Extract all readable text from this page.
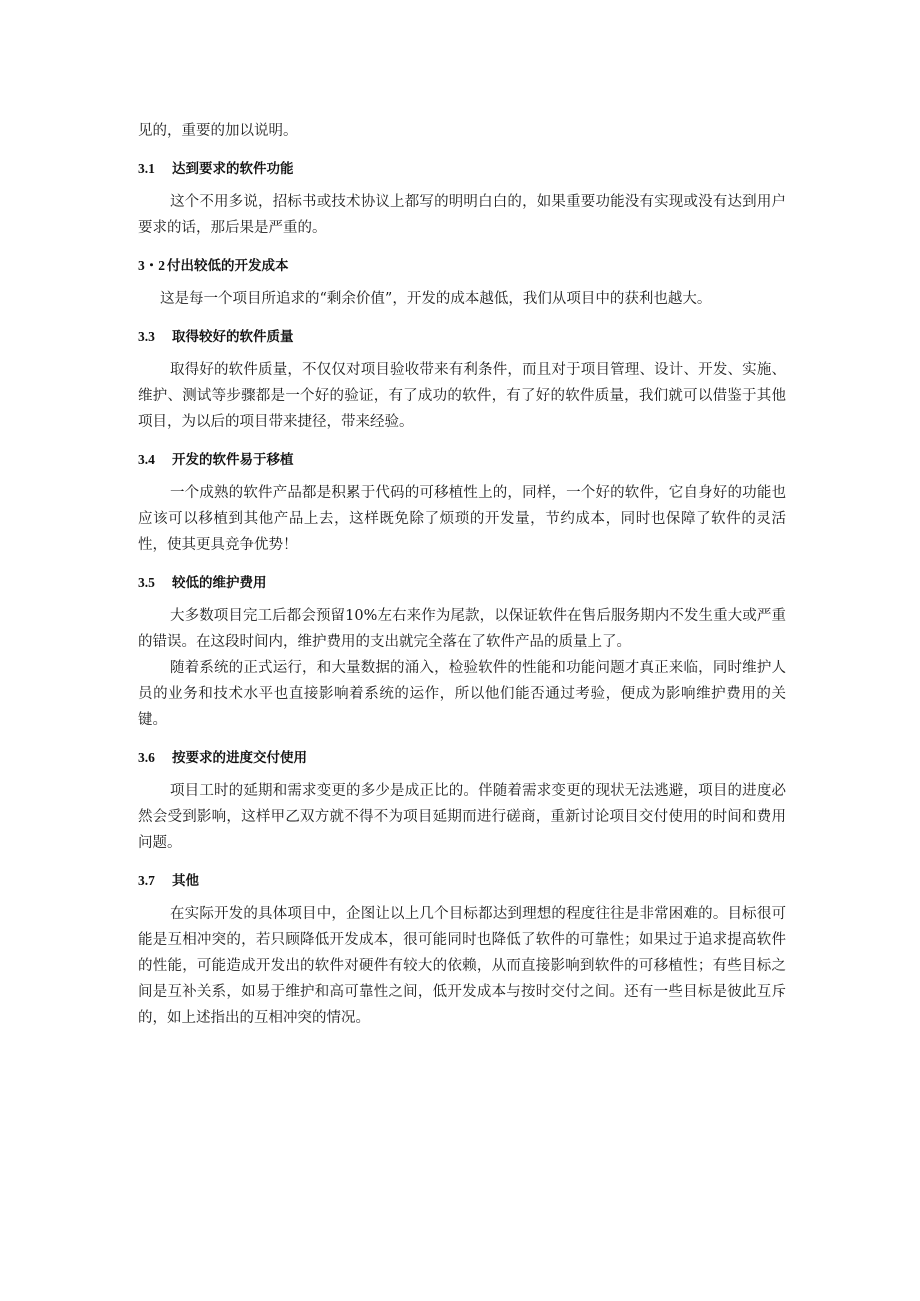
见的，重要的加以说明。

3.1 达到要求的软件功能

这个不用多说，招标书或技术协议上都写的明明白白的，如果重要功能没有实现或没有达到用户要求的话，那后果是严重的。

3・2 付出较低的开发成本

这是每一个项目所追求的“剩余价值”，开发的成本越低，我们从项目中的获利也越大。

3.3 取得较好的软件质量

取得好的软件质量，不仅仅对项目验收带来有利条件，而且对于项目管理、设计、开发、实施、维护、测试等步骤都是一个好的验证，有了成功的软件，有了好的软件质量，我们就可以借鉴于其他项目，为以后的项目带来捷径，带来经验。

3.4 开发的软件易于移植

一个成熟的软件产品都是积累于代码的可移植性上的，同样，一个好的软件，它自身好的功能也应该可以移植到其他产品上去，这样既免除了烦琐的开发量，节约成本，同时也保障了软件的灵活性，使其更具竞争优势！

3.5 较低的维护费用

大多数项目完工后都会预留10%左右来作为尾款，以保证软件在售后服务期内不发生重大或严重的错误。在这段时间内，维护费用的支出就完全落在了软件产品的质量上了。

随着系统的正式运行，和大量数据的涌入，检验软件的性能和功能问题才真正来临，同时维护人员的业务和技术水平也直接影响着系统的运作，所以他们能否通过考验，便成为影响维护费用的关键。

3.6 按要求的进度交付使用

项目工时的延期和需求变更的多少是成正比的。伴随着需求变更的现状无法逃避，项目的进度必然会受到影响，这样甲乙双方就不得不为项目延期而进行磋商，重新讨论项目交付使用的时间和费用问题。

3.7 其他

在实际开发的具体项目中，企图让以上几个目标都达到理想的程度往往是非常困难的。目标很可能是互相冲突的，若只顾降低开发成本，很可能同时也降低了软件的可靠性；如果过于追求提高软件的性能，可能造成开发出的软件对硬件有较大的依赖，从而直接影响到软件的可移植性；有些目标之间是互补关系，如易于维护和高可靠性之间，低开发成本与按时交付之间。还有一些目标是彼此互斥的，如上述指出的互相冲突的情况。
